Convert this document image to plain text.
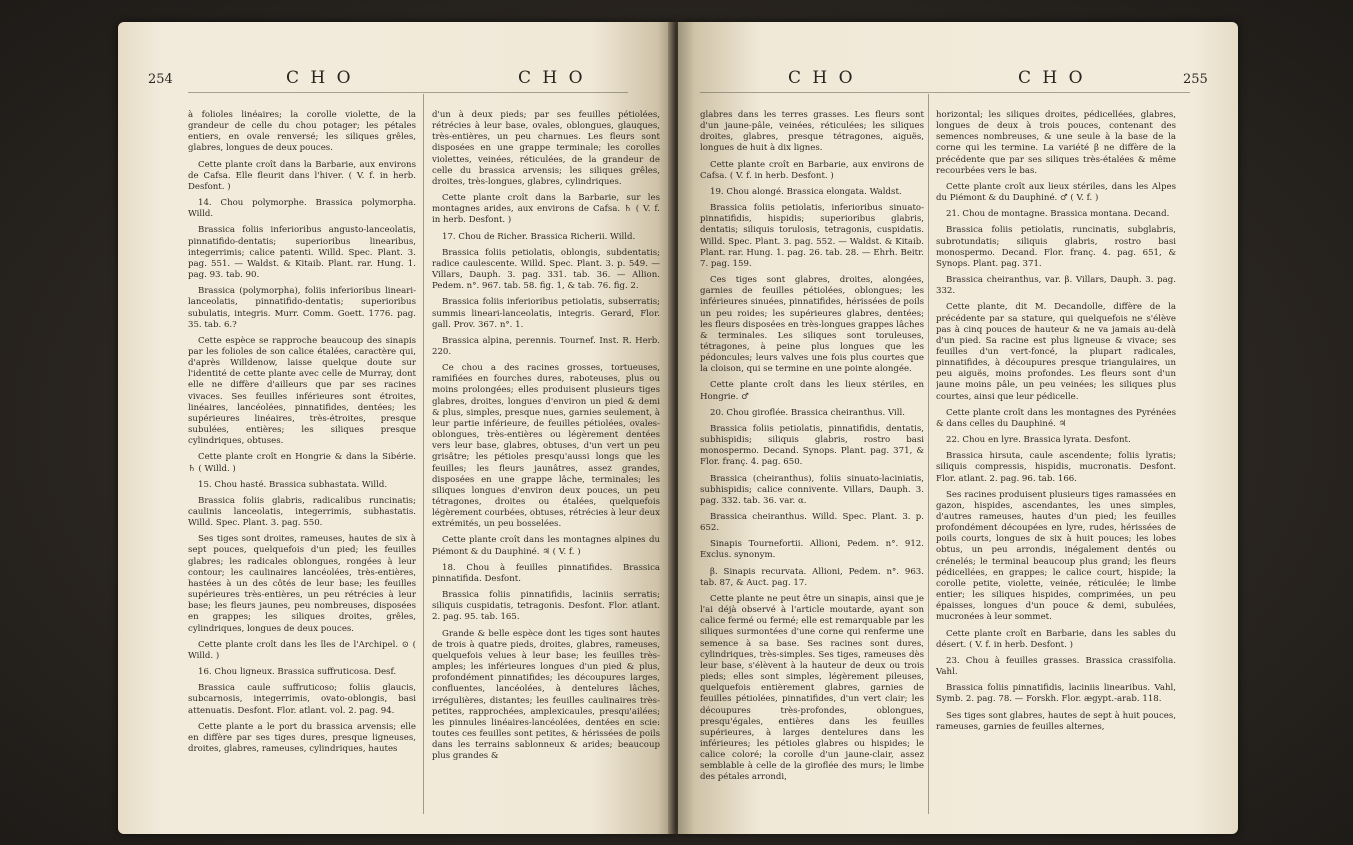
254	C H O	C H O

à folioles linéaires; la corolle violette, de la grandeur de celle du chou potager; les pétales entiers, en ovale renversé; les siliques grêles, glabres, longues de deux pouces.

Cette plante croît dans la Barbarie, aux environs de Cafsa. Elle fleurit dans l'hiver. ( V. f. in herb. Desfont. )

14. Chou polymorphe. Brassica polymorpha. Willd.

Brassica foliis inferioribus angusto-lanceolatis, pinnatifido-dentatis; superioribus linearibus, integerrimis; calice patenti. Willd. Spec. Plant. 3. pag. 551. — Waldst. & Kitaib. Plant. rar. Hung. 1. pag. 93. tab. 90.

Brassica (polymorpha), foliis inferioribus lineari-lanceolatis, pinnatifido-dentatis; superioribus subulatis, integris. Murr. Comm. Goett. 1776. pag. 35. tab. 6.?

Cette espèce se rapproche beaucoup des sinapis par les folioles de son calice étalées, caractère qui, d'après Willdenow, laisse quelque doute sur l'identité de cette plante avec celle de Murray, dont elle ne diffère d'ailleurs que par ses racines vivaces. Ses feuilles inférieures sont étroites, linéaires, lancéolées, pinnatifides, dentées; les supérieures linéaires, très-étroites, presque subulées, entières; les siliques presque cylindriques, obtuses.

Cette plante croît en Hongrie & dans la Sibérie. ♄ ( Willd. )

15. Chou hasté. Brassica subhastata. Willd.

Brassica foliis glabris, radicalibus runcinatis; caulinis lanceolatis, integerrimis, subhastatis. Willd. Spec. Plant. 3. pag. 550.

Ses tiges sont droites, rameuses, hautes de six à sept pouces, quelquefois d'un pied; les feuilles glabres; les radicales oblongues, rongées à leur contour; les caulinaires lancéolées, très-entières, hastées à un des côtés de leur base; les feuilles supérieures très-entières, un peu rétrécies à leur base; les fleurs jaunes, peu nombreuses, disposées en grappes; les siliques droites, grêles, cylindriques, longues de deux pouces.

Cette plante croît dans les îles de l'Archipel. ⊙ ( Willd. )

16. Chou ligneux. Brassica suffruticosa. Desf.

Brassica caule suffruticoso; foliis glaucis, subcarnosis, integerrimis, ovato-oblongis, basi attenuatis. Desfont. Flor. atlant. vol. 2. pag. 94.

Cette plante a le port du brassica arvensis; elle en diffère par ses tiges dures, presque ligneuses, droites, glabres, rameuses, cylindriques, hautes

d'un à deux pieds; par ses feuilles pétiolées, rétrécies à leur base, ovales, oblongues, glauques, très-entières, un peu charnues. Les fleurs sont disposées en une grappe terminale; les corolles violettes, veinées, réticulées, de la grandeur de celle du brassica arvensis; les siliques grêles, droites, très-longues, glabres, cylindriques.

Cette plante croît dans la Barbarie, sur les montagnes arides, aux environs de Cafsa. ♄ ( V. f. in herb. Desfont. )

17. Chou de Richer. Brassica Richerii. Willd.

Brassica foliis petiolatis, oblongis, subdentatis; radice caulescente. Willd. Spec. Plant. 3. p. 549. — Villars, Dauph. 3. pag. 331. tab. 36. — Allion. Pedem. n°. 967. tab. 58. fig. 1, & tab. 76. fig. 2.

Brassica foliis inferioribus petiolatis, subserratis; summis lineari-lanceolatis, integris. Gerard, Flor. gall. Prov. 367. n°. 1.

Brassica alpina, perennis. Tournef. Inst. R. Herb. 220.

Ce chou a des racines grosses, tortueuses, ramifiées en fourches dures, raboteuses, plus ou moins prolongées; elles produisent plusieurs tiges glabres, droites, longues d'environ un pied & demi & plus, simples, presque nues, garnies seulement, à leur partie inférieure, de feuilles pétiolées, ovales-oblongues, très-entières ou légèrement dentées vers leur base, glabres, obtuses, d'un vert un peu grisâtre; les pétioles presqu'aussi longs que les feuilles; les fleurs jaunâtres, assez grandes, disposées en une grappe lâche, terminales; les siliques longues d'environ deux pouces, un peu tétragones, droites ou étalées, quelquefois légèrement courbées, obtuses, rétrécies à leur deux extrémités, un peu bosselées.

Cette plante croît dans les montagnes alpines du Piémont & du Dauphiné. ♃ ( V. f. )

18. Chou à feuilles pinnatifides. Brassica pinnatifida. Desfont.

Brassica foliis pinnatifidis, laciniis serratis; siliquis cuspidatis, tetragonis. Desfont. Flor. atlant. 2. pag. 95. tab. 165.

Grande & belle espèce dont les tiges sont hautes de trois à quatre pieds, droites, glabres, rameuses, quelquefois velues à leur base; les feuilles très-amples; les inférieures longues d'un pied & plus, profondément pinnatifides; les découpures larges, confluentes, lancéolées, à dentelures lâches, irrégulières, distantes; les feuilles caulinaires très-petites, rapprochées, amplexicaules, presqu'ailées; les pinnules linéaires-lancéolées, dentées en scie: toutes ces feuilles sont petites, & hérissées de poils dans les terrains sablonneux & arides; beaucoup plus grandes &

C H O	C H O	255

glabres dans les terres grasses. Les fleurs sont d'un jaune-pâle, veinées, réticulées; les siliques droites, glabres, presque tétragones, aiguës, longues de huit à dix lignes.

Cette plante croît en Barbarie, aux environs de Cafsa. ( V. f. in herb. Desfont. )

19. Chou alongé. Brassica elongata. Waldst.

Brassica foliis petiolatis, inferioribus sinuato-pinnatifidis, hispidis; superioribus glabris, dentatis; siliquis torulosis, tetragonis, cuspidatis. Willd. Spec. Plant. 3. pag. 552. — Waldst. & Kitaib. Plant. rar. Hung. 1. pag. 26. tab. 28. — Ehrh. Beitr. 7. pag. 159.

Ces tiges sont glabres, droites, alongées, garnies de feuilles pétiolées, oblongues; les inférieures sinuées, pinnatifides, hérissées de poils un peu roides; les supérieures glabres, dentées; les fleurs disposées en très-longues grappes lâches & terminales. Les siliques sont toruleuses, tétragones, à peine plus longues que les pédoncules; leurs valves une fois plus courtes que la cloison, qui se termine en une pointe alongée.

Cette plante croît dans les lieux stériles, en Hongrie. ♂

20. Chou giroflée. Brassica cheiranthus. Vill.

Brassica foliis petiolatis, pinnatifidis, dentatis, subhispidis; siliquis glabris, rostro basi monospermo. Decand. Synops. Plant. pag. 371, & Flor. franç. 4. pag. 650.

Brassica (cheiranthus), foliis sinuato-laciniatis, subhispidis; calice connivente. Villars, Dauph. 3. pag. 332. tab. 36. var. α.

Brassica cheiranthus. Willd. Spec. Plant. 3. p. 652.

Sinapis Tournefortii. Allioni, Pedem. n°. 912. Exclus. synonym.

β. Sinapis recurvata. Allioni, Pedem. n°. 963. tab. 87, & Auct. pag. 17.

Cette plante ne peut être un sinapis, ainsi que je l'ai déjà observé à l'article moutarde, ayant son calice fermé ou fermé; elle est remarquable par les siliques surmontées d'une corne qui renferme une semence à sa base. Ses racines sont dures, cylindriques, très-simples. Ses tiges, rameuses dès leur base, s'élèvent à la hauteur de deux ou trois pieds; elles sont simples, légèrement pileuses, quelquefois entièrement glabres, garnies de feuilles pétiolées, pinnatifides, d'un vert clair; les découpures très-profondes, oblongues, presqu'égales, entières dans les feuilles supérieures, à larges dentelures dans les inférieures; les pétioles glabres ou hispides; le calice coloré; la corolle d'un jaune-clair, assez semblable à celle de la giroflée des murs; le limbe des pétales arrondi,

horizontal; les siliques droites, pédicellées, glabres, longues de deux à trois pouces, contenant des semences nombreuses, & une seule à la base de la corne qui les termine. La variété β ne diffère de la précédente que par ses siliques très-étalées & même recourbées vers le bas.

Cette plante croît aux lieux stériles, dans les Alpes du Piémont & du Dauphiné. ♂ ( V. f. )

21. Chou de montagne. Brassica montana. Decand.

Brassica foliis petiolatis, runcinatis, subglabris, subrotundatis; siliquis glabris, rostro basi monospermo. Decand. Flor. franç. 4. pag. 651, & Synops. Plant. pag. 371.

Brassica cheiranthus, var. β. Villars, Dauph. 3. pag. 332.

Cette plante, dit M. Decandolle, diffère de la précédente par sa stature, qui quelquefois ne s'élève pas à cinq pouces de hauteur & ne va jamais au-delà d'un pied. Sa racine est plus ligneuse & vivace; ses feuilles d'un vert-foncé, la plupart radicales, pinnatifides, à découpures presque triangulaires, un peu aiguës, moins profondes. Les fleurs sont d'un jaune moins pâle, un peu veinées; les siliques plus courtes, ainsi que leur pédicelle.

Cette plante croît dans les montagnes des Pyrénées & dans celles du Dauphiné. ♃

22. Chou en lyre. Brassica lyrata. Desfont.

Brassica hirsuta, caule ascendente; foliis lyratis; siliquis compressis, hispidis, mucronatis. Desfont. Flor. atlant. 2. pag. 96. tab. 166.

Ses racines produisent plusieurs tiges ramassées en gazon, hispides, ascendantes, les unes simples, d'autres rameuses, hautes d'un pied; les feuilles profondément découpées en lyre, rudes, hérissées de poils courts, longues de six à huit pouces; les lobes obtus, un peu arrondis, inégalement dentés ou crénelés; le terminal beaucoup plus grand; les fleurs pédicellées, en grappes; le calice court, hispide; la corolle petite, violette, veinée, réticulée; le limbe entier; les siliques hispides, comprimées, un peu épaisses, longues d'un pouce & demi, subulées, mucronées à leur sommet.

Cette plante croît en Barbarie, dans les sables du désert. ( V. f. in herb. Desfont. )

23. Chou à feuilles grasses. Brassica crassifolia. Vahl.

Brassica foliis pinnatifidis, laciniis linearibus. Vahl, Symb. 2. pag. 78. — Forskh. Flor. ægypt.-arab. 118.

Ses tiges sont glabres, hautes de sept à huit pouces, rameuses, garnies de feuilles alternes,
